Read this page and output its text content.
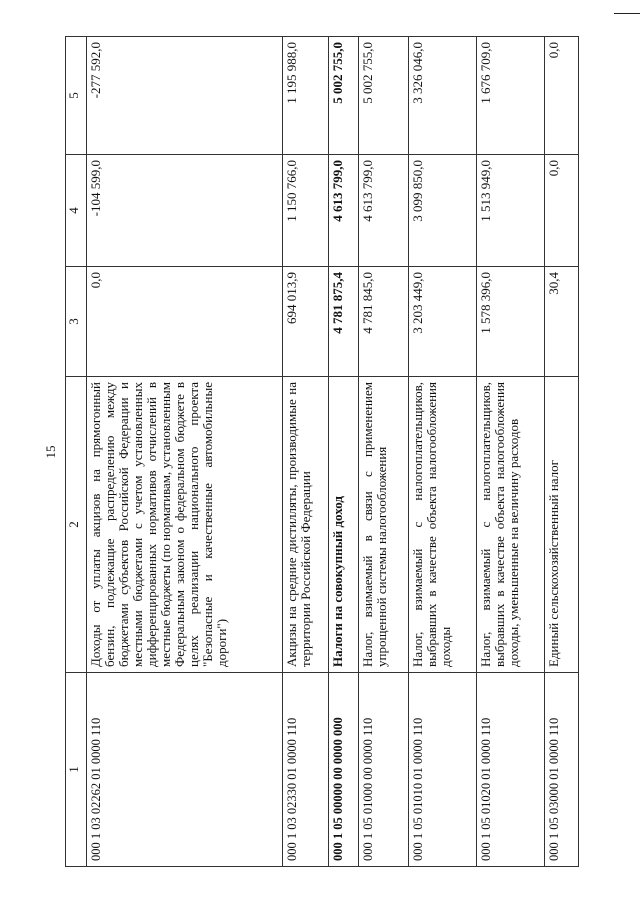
15
1	2	3	4	5
000 1 03 02262 01 0000 110	Доходы от уплаты акцизов на прямогонный бензин, подлежащие распределению между бюджетами субъектов Российской Федерации и местными бюджетами с учетом установленных дифференцированных нормативов отчислений в местные бюджеты (по нормативам, установленным Федеральным законом о федеральном бюджете в целях реализации национального проекта "Безопасные и качественные автомобильные дороги")	0,0	-104 599,0	-277 592,0
000 1 03 02330 01 0000 110	Акцизы на средние дистилляты, производимые на территории Российской Федерации	694 013,9	1 150 766,0	1 195 988,0
000 1 05 00000 00 0000 000	Налоги на совокупный доход	4 781 875,4	4 613 799,0	5 002 755,0
000 1 05 01000 00 0000 110	Налог, взимаемый в связи с применением упрощенной системы налогообложения	4 781 845,0	4 613 799,0	5 002 755,0
000 1 05 01010 01 0000 110	Налог, взимаемый с налогоплательщиков, выбравших в качестве объекта налогообложения доходы	3 203 449,0	3 099 850,0	3 326 046,0
000 1 05 01020 01 0000 110	Налог, взимаемый с налогоплательщиков, выбравших в качестве объекта налогообложения доходы, уменьшенные на величину расходов	1 578 396,0	1 513 949,0	1 676 709,0
000 1 05 03000 01 0000 110	Единый сельскохозяйственный налог	30,4	0,0	0,0
